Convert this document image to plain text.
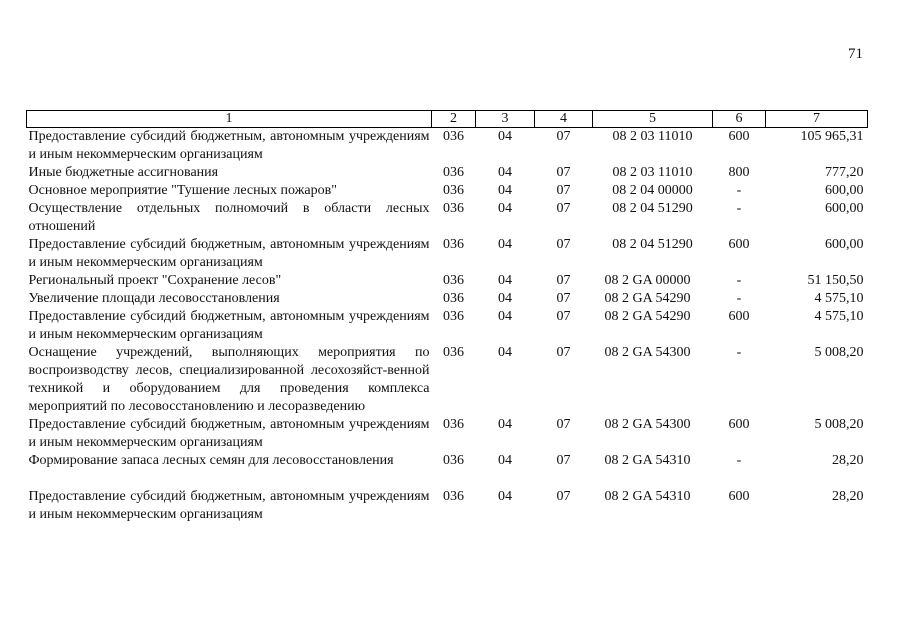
71
1	2	3	4	5	6	7
Предоставление субсидий бюджетным, автономным учреждениям и иным некоммерческим организациям	036	04	07	08 2 03 11010	600	105 965,31
Иные бюджетные ассигнования	036	04	07	08 2 03 11010	800	777,20
Основное мероприятие "Тушение лесных пожаров"	036	04	07	08 2 04 00000	-	600,00
Осуществление отдельных полномочий в области лесных отношений	036	04	07	08 2 04 51290	-	600,00
Предоставление субсидий бюджетным, автономным учреждениям и иным некоммерческим организациям	036	04	07	08 2 04 51290	600	600,00
Региональный проект "Сохранение лесов"	036	04	07	08 2 GA 00000	-	51 150,50
Увеличение площади лесовосстановления	036	04	07	08 2 GA 54290	-	4 575,10
Предоставление субсидий бюджетным, автономным учреждениям и иным некоммерческим организациям	036	04	07	08 2 GA 54290	600	4 575,10
Оснащение учреждений, выполняющих мероприятия по воспроизводству лесов, специализированной лесохозяйст-венной техникой и оборудованием для проведения комплекса мероприятий по лесовосстановлению и лесоразведению	036	04	07	08 2 GA 54300	-	5 008,20
Предоставление субсидий бюджетным, автономным учреждениям и иным некоммерческим организациям	036	04	07	08 2 GA 54300	600	5 008,20
Формирование запаса лесных семян для лесовосстановления	036	04	07	08 2 GA 54310	-	28,20
Предоставление субсидий бюджетным, автономным учреждениям и иным некоммерческим организациям	036	04	07	08 2 GA 54310	600	28,20
